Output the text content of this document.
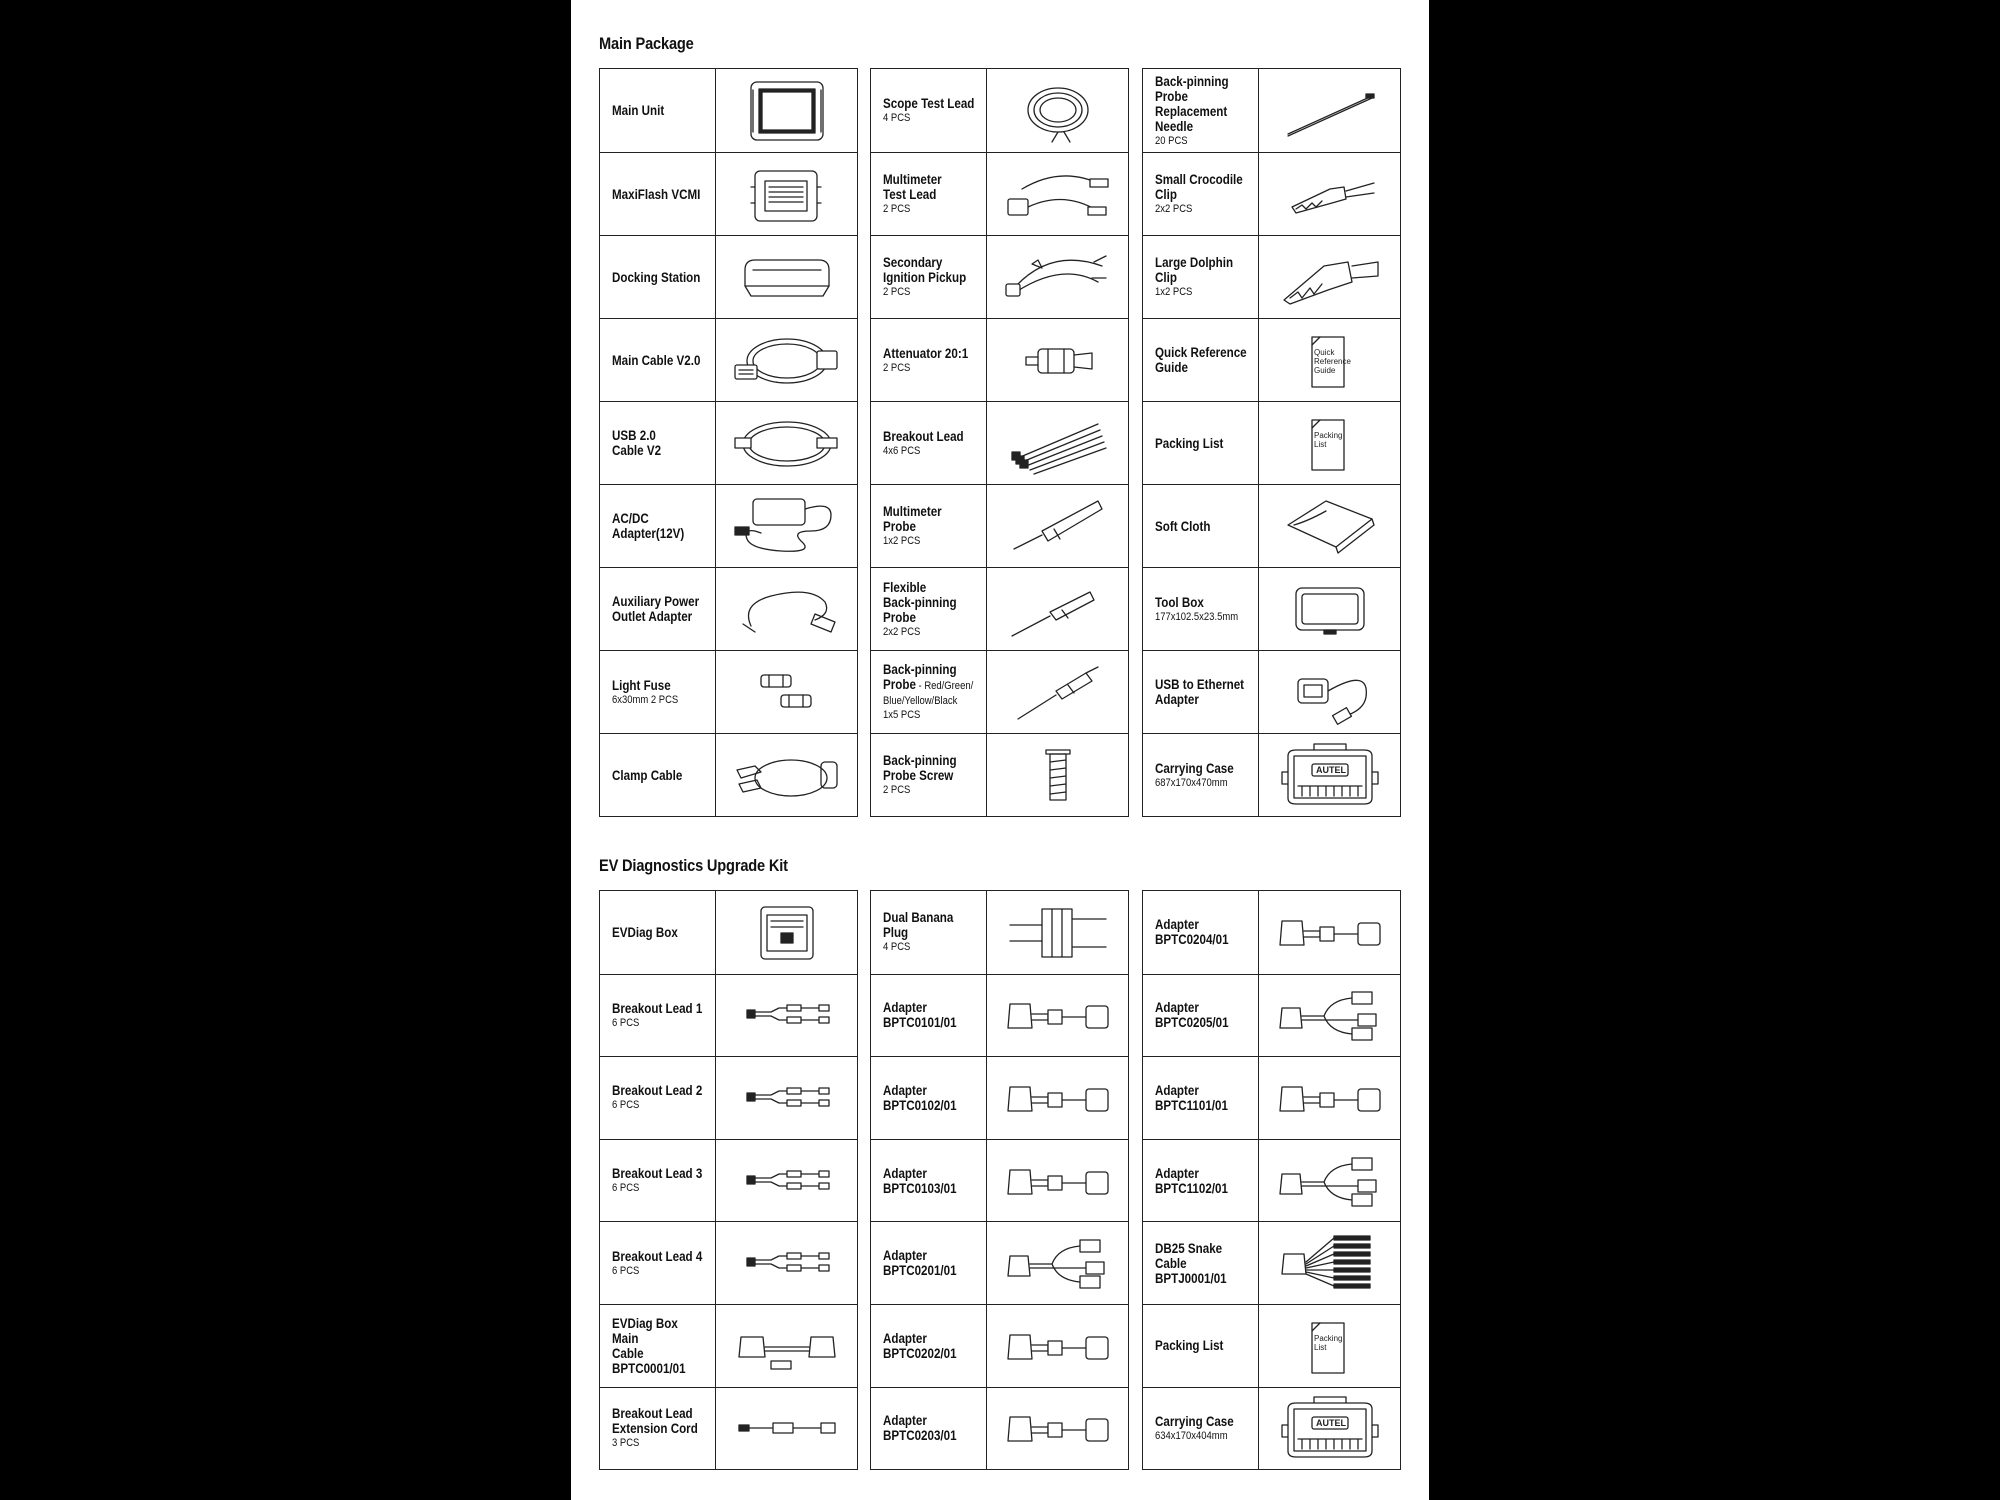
Main Package
Main Unit
MaxiFlash VCMI
Docking Station
Main Cable V2.0
USB 2.0
Cable V2
AC/DC
Adapter(12V)
Auxiliary Power
Outlet Adapter
Light Fuse
6x30mm 2 PCS
Clamp Cable
Scope Test Lead
4 PCS
Multimeter
Test Lead
2 PCS
Secondary
Ignition Pickup
2 PCS
Attenuator 20:1
2 PCS
Breakout Lead
4x6 PCS
Multimeter
Probe
1x2 PCS
Flexible
Back-pinning
Probe
2x2 PCS
Back-pinning
Probe - Red/Green/
Blue/Yellow/Black
1x5 PCS
Back-pinning
Probe Screw
2 PCS
Back-pinning
Probe
Replacement
Needle
20 PCS
Small Crocodile
Clip
2x2 PCS
Large Dolphin
Clip
1x2 PCS
Quick Reference
Guide
Quick
Reference
Guide
Packing List	Packing
List
Soft Cloth
Tool Box
177x102.5x23.5mm
USB to Ethernet
Adapter
Carrying Case
687x170x470mm
AUTEL
EV Diagnostics Upgrade Kit
EVDiag Box
Breakout Lead 1
6 PCS
Breakout Lead 2
6 PCS
Breakout Lead 3
6 PCS
Breakout Lead 4
6 PCS
EVDiag Box Main
Cable
BPTC0001/01
Breakout Lead
Extension Cord
3 PCS
Dual Banana Plug
4 PCS
Adapter
BPTC0101/01
Adapter
BPTC0102/01
Adapter
BPTC0103/01
Adapter
BPTC0201/01
Adapter
BPTC0202/01
Adapter
BPTC0203/01
Adapter
BPTC0204/01
Adapter
BPTC0205/01
Adapter
BPTC1101/01
Adapter
BPTC1102/01
DB25 Snake
Cable
BPTJ0001/01
Packing List	Packing
List
Carrying Case
634x170x404mm
AUTEL
